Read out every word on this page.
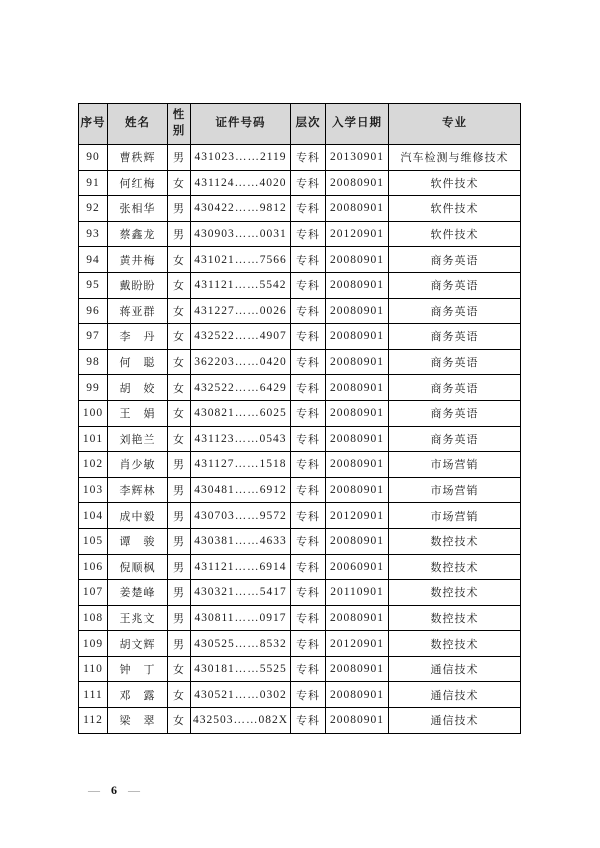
序号	姓名	性别	证件号码	层次	入学日期	专业
90	曹秩辉	男	431023……2119	专科	20130901	汽车检测与维修技术
91	何红梅	女	431124……4020	专科	20080901	软件技术
92	张相华	男	430422……9812	专科	20080901	软件技术
93	蔡鑫龙	男	430903……0031	专科	20120901	软件技术
94	黄井梅	女	431021……7566	专科	20080901	商务英语
95	戴盼盼	女	431121……5542	专科	20080901	商务英语
96	蒋亚群	女	431227……0026	专科	20080901	商务英语
97	李　丹	女	432522……4907	专科	20080901	商务英语
98	何　聪	女	362203……0420	专科	20080901	商务英语
99	胡　姣	女	432522……6429	专科	20080901	商务英语
100	王　娟	女	430821……6025	专科	20080901	商务英语
101	刘艳兰	女	431123……0543	专科	20080901	商务英语
102	肖少敏	男	431127……1518	专科	20080901	市场营销
103	李辉林	男	430481……6912	专科	20080901	市场营销
104	成中毅	男	430703……9572	专科	20120901	市场营销
105	谭　骏	男	430381……4633	专科	20080901	数控技术
106	倪顺枫	男	431121……6914	专科	20060901	数控技术
107	姜楚峰	男	430321……5417	专科	20110901	数控技术
108	王兆文	男	430811……0917	专科	20080901	数控技术
109	胡文辉	男	430525……8532	专科	20120901	数控技术
110	钟　丁	女	430181……5525	专科	20080901	通信技术
111	邓　露	女	430521……0302	专科	20080901	通信技术
112	梁　翠	女	432503……082X	专科	20080901	通信技术
— 6 —
